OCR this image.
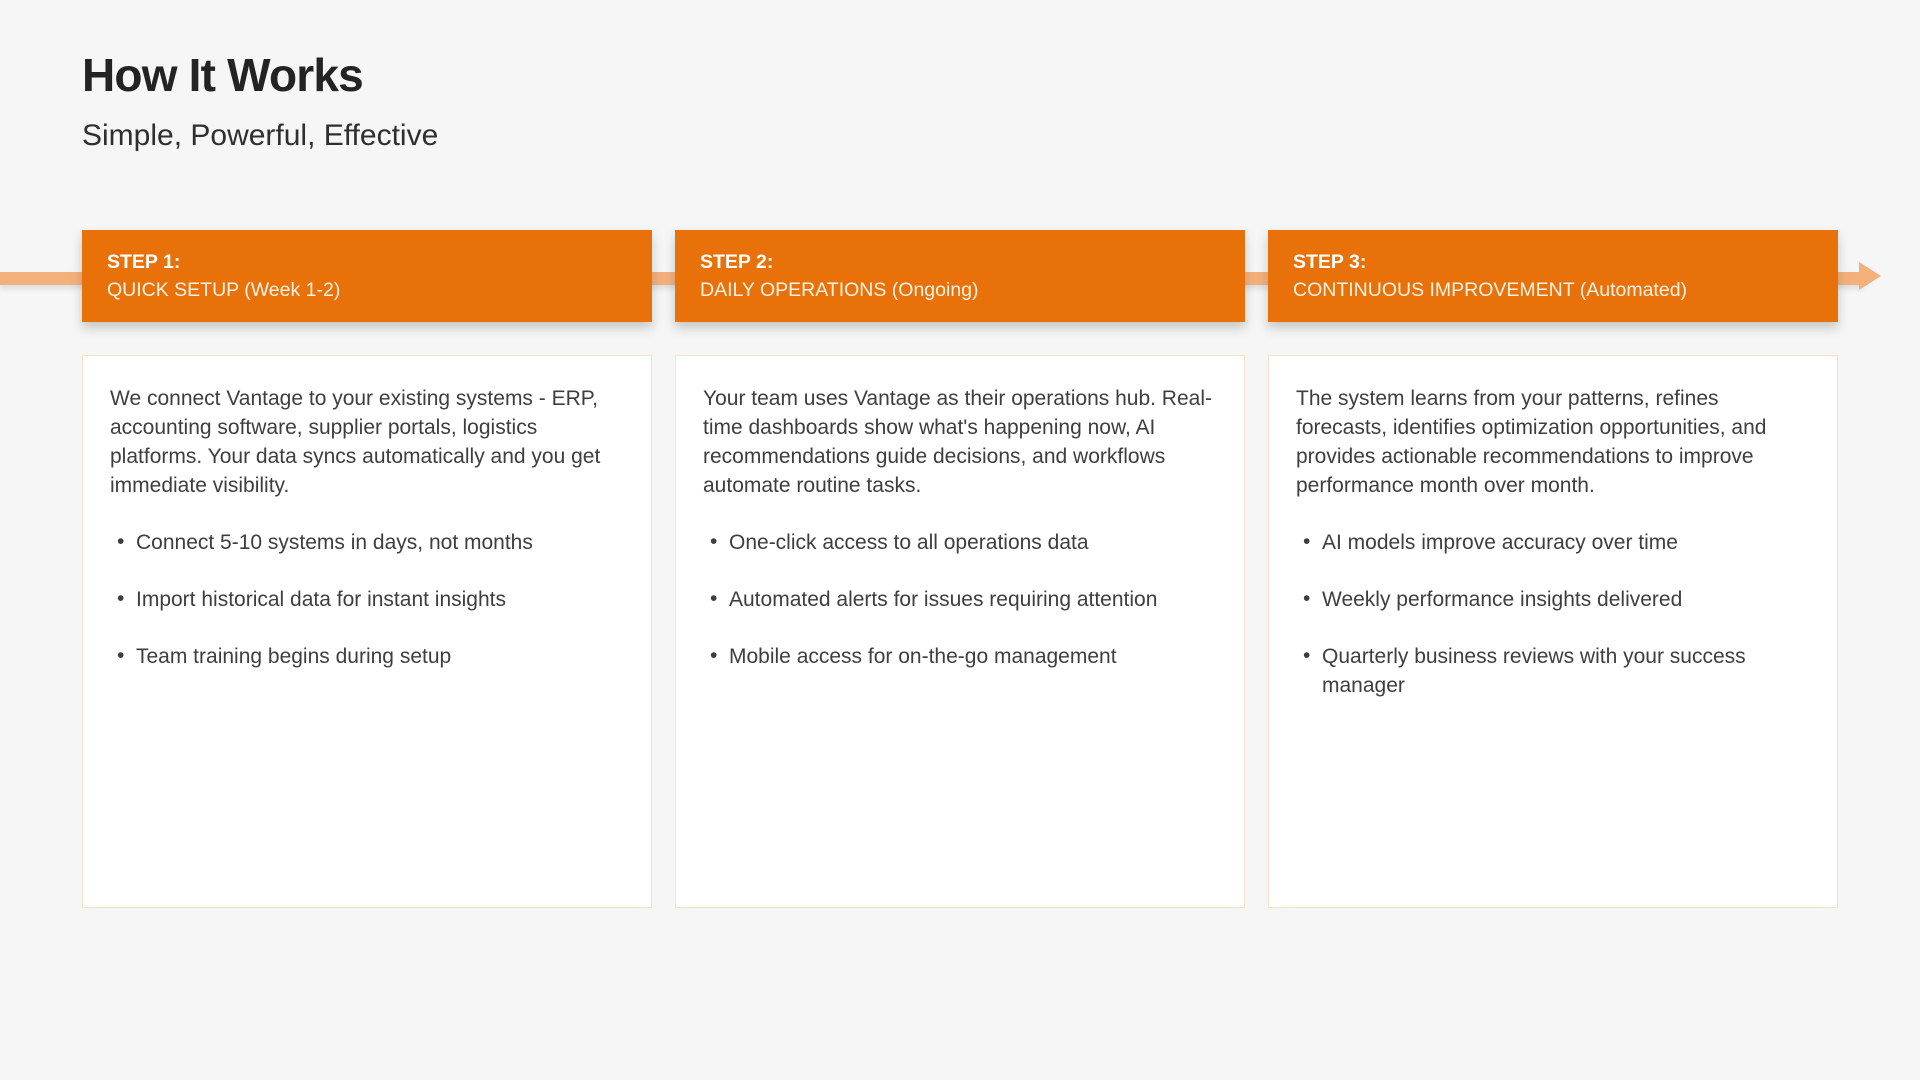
How It Works
Simple, Powerful, Effective
STEP 1:
QUICK SETUP (Week 1-2)
STEP 2:
DAILY OPERATIONS (Ongoing)
STEP 3:
CONTINUOUS IMPROVEMENT (Automated)

We connect Vantage to your existing systems - ERP, accounting software, supplier portals, logistics platforms. Your data syncs automatically and you get immediate visibility.

• Connect 5-10 systems in days, not months
• Import historical data for instant insights
• Team training begins during setup

Your team uses Vantage as their operations hub. Real-time dashboards show what's happening now, AI recommendations guide decisions, and workflows automate routine tasks.

• One-click access to all operations data
• Automated alerts for issues requiring attention
• Mobile access for on-the-go management

The system learns from your patterns, refines forecasts, identifies optimization opportunities, and provides actionable recommendations to improve performance month over month.

• AI models improve accuracy over time
• Weekly performance insights delivered
• Quarterly business reviews with your success manager
